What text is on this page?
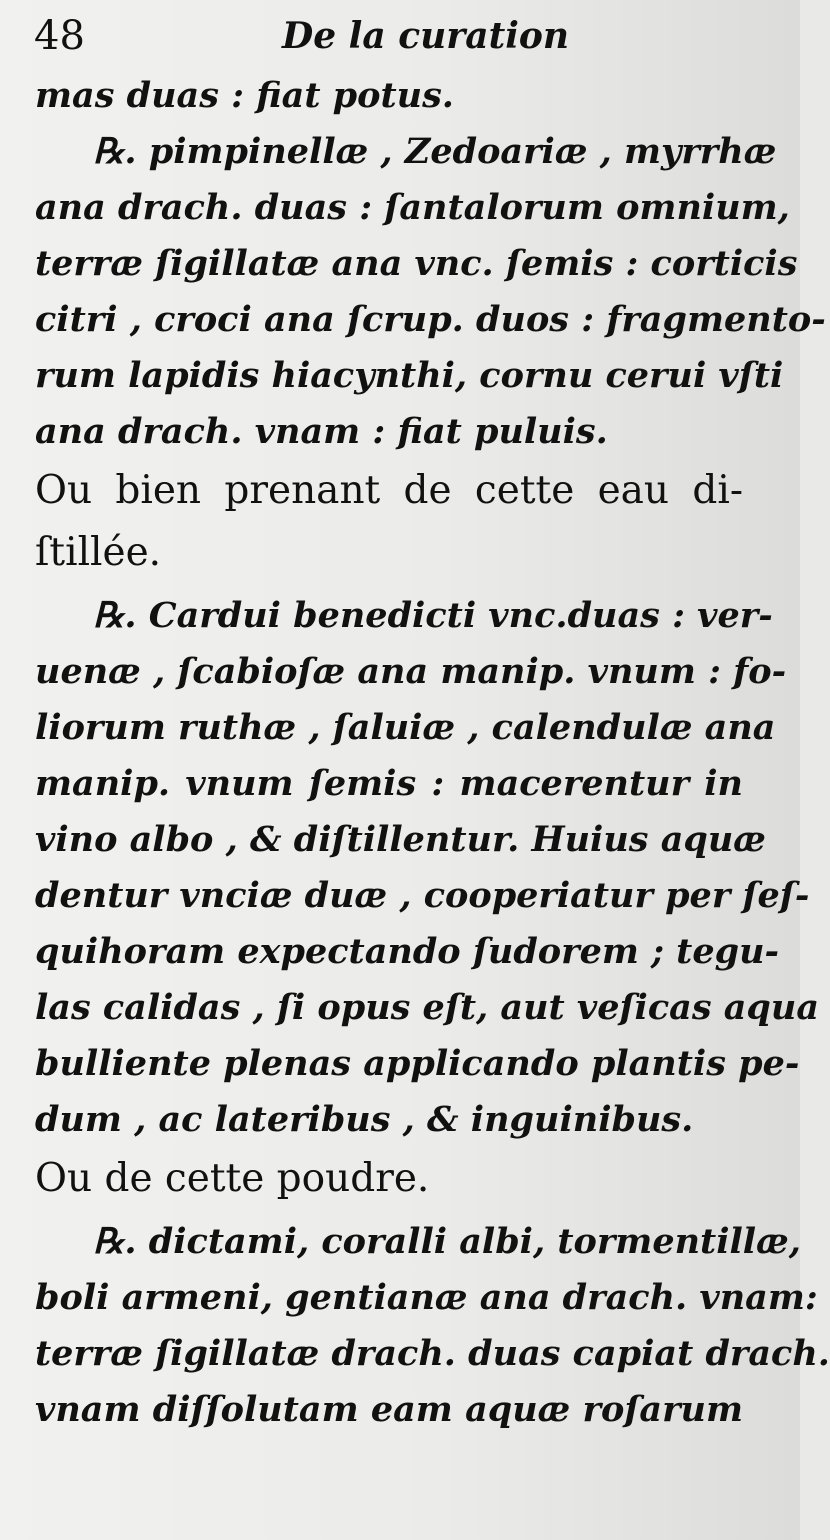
48	De la curation
mas duas : fiat potus.
℞. pimpinellæ , Zedoariæ , myrrhæ
ana drach. duas : ſantalorum omnium,
terræ ſigillatæ ana vnc. ſemis : corticis
citri , croci ana ſcrup. duos : fragmento-
rum lapidis hiacynthi, cornu cerui vſti
ana drach. vnam : fiat puluis.
Ou bien prenant de cette eau di-
ſtillée.
℞. Cardui benedicti vnc.duas : ver-
uenæ , ſcabioſæ ana manip. vnum : fo-
liorum ruthæ , ſaluiæ , calendulæ ana
manip. vnum ſemis : macerentur in
vino albo , & diſtillentur. Huius aquæ
dentur vnciæ duæ , cooperiatur per ſeſ-
quihoram expectando ſudorem ; tegu-
las calidas , ſi opus eſt, aut veſicas aqua
bulliente plenas applicando plantis pe-
dum , ac lateribus , & inguinibus.
Ou de cette poudre.
℞. dictami, coralli albi, tormentillæ,
boli armeni, gentianæ ana drach. vnam:
terræ ſigillatæ drach. duas capiat drach.
vnam diſſolutam eam aquæ roſarum
